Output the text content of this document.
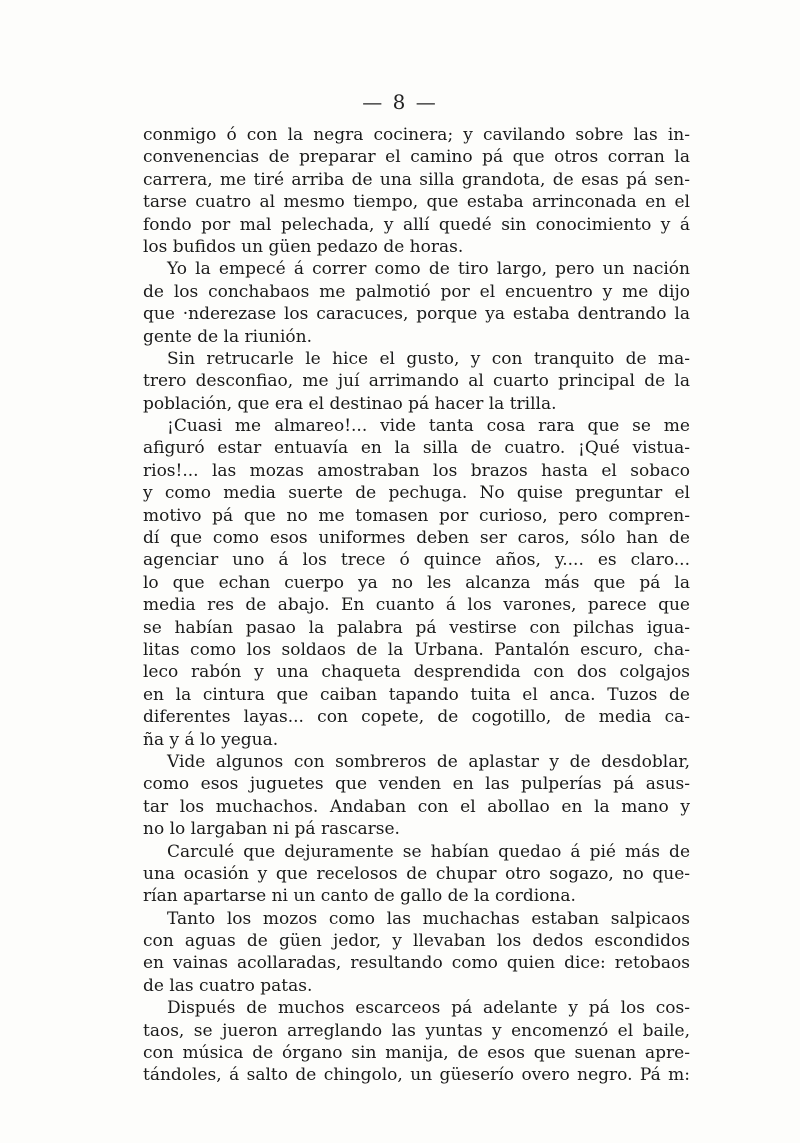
— 8 —
conmigo ó con la negra cocinera; y cavilando sobre las in-
convenencias de preparar el camino pá que otros corran la
carrera, me tiré arriba de una silla grandota, de esas pá sen-
tarse cuatro al mesmo tiempo, que estaba arrinconada en el
fondo por mal pelechada, y allí quedé sin conocimiento y á
los bufidos un güen pedazo de horas.
Yo la empecé á correr como de tiro largo, pero un nación
de los conchabaos me palmotió por el encuentro y me dijo
que ·nderezase los caracuces, porque ya estaba dentrando la
gente de la riunión.
Sin retrucarle le hice el gusto, y con tranquito de ma-
trero desconfiao, me juí arrimando al cuarto principal de la
población, que era el destinao pá hacer la trilla.
¡Cuasi me almareo!... vide tanta cosa rara que se me
afiguró estar entuavía en la silla de cuatro. ¡Qué vistua-
rios!... las mozas amostraban los brazos hasta el sobaco
y como media suerte de pechuga. No quise preguntar el
motivo pá que no me tomasen por curioso, pero compren-
dí que como esos uniformes deben ser caros, sólo han de
agenciar uno á los trece ó quince años, y.... es claro...
lo que echan cuerpo ya no les alcanza más que pá la
media res de abajo. En cuanto á los varones, parece que
se habían pasao la palabra pá vestirse con pilchas igua-
litas como los soldaos de la Urbana. Pantalón escuro, cha-
leco rabón y una chaqueta desprendida con dos colgajos
en la cintura que caiban tapando tuita el anca. Tuzos de
diferentes layas... con copete, de cogotillo, de media ca-
ña y á lo yegua.
Vide algunos con sombreros de aplastar y de desdoblar,
como esos juguetes que venden en las pulperías pá asus-
tar los muchachos. Andaban con el abollao en la mano y
no lo largaban ni pá rascarse.
Carculé que dejuramente se habían quedao á pié más de
una ocasión y que recelosos de chupar otro sogazo, no que-
rían apartarse ni un canto de gallo de la cordiona.
Tanto los mozos como las muchachas estaban salpicaos
con aguas de güen jedor, y llevaban los dedos escondidos
en vainas acollaradas, resultando como quien dice: retobaos
de las cuatro patas.
Dispués de muchos escarceos pá adelante y pá los cos-
taos, se jueron arreglando las yuntas y encomenzó el baile,
con música de órgano sin manija, de esos que suenan apre-
tándoles, á salto de chingolo, un güeserío overo negro. Pá m:
